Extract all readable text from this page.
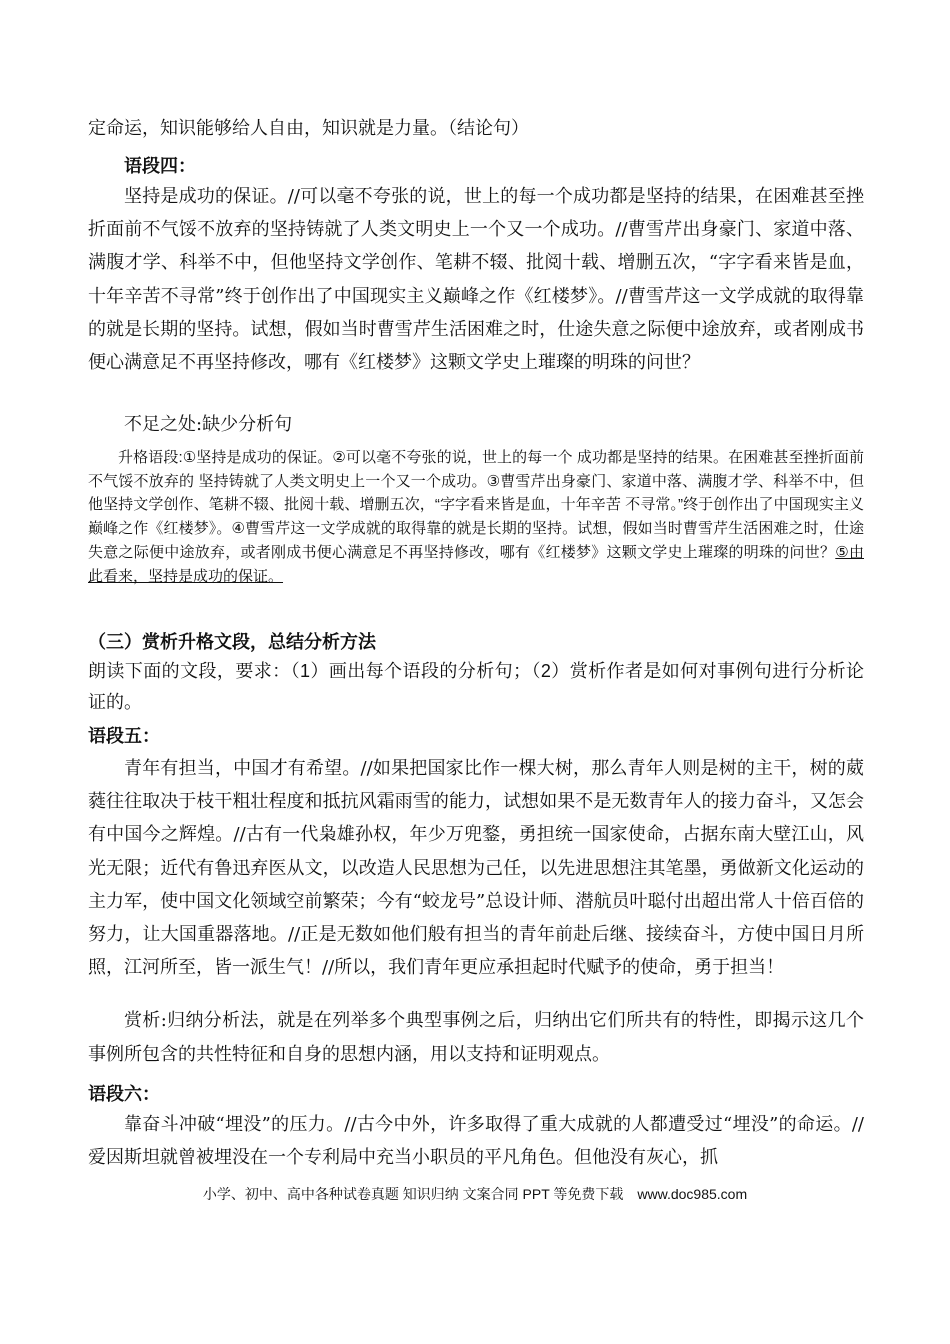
定命运，知识能够给人自由，知识就是力量。（结论句）

语段四：

坚持是成功的保证。//可以毫不夸张的说，世上的每一个成功都是坚持的结果，在困难甚至挫折面前不气馁不放弃的坚持铸就了人类文明史上一个又一个成功。//曹雪芹出身豪门、家道中落、满腹才学、科举不中，但他坚持文学创作、笔耕不辍、批阅十载、增删五次，“字字看来皆是血，十年辛苦不寻常”终于创作出了中国现实主义巅峰之作《红楼梦》。//曹雪芹这一文学成就的取得靠的就是长期的坚持。试想，假如当时曹雪芹生活困难之时，仕途失意之际便中途放弃，或者刚成书便心满意足不再坚持修改，哪有《红楼梦》这颗文学史上璀璨的明珠的问世？

不足之处:缺少分析句

升格语段:①坚持是成功的保证。②可以毫不夸张的说，世上的每一个 成功都是坚持的结果。在困难甚至挫折面前不气馁不放弃的 坚持铸就了人类文明史上一个又一个成功。③曹雪芹出身豪门、家道中落、满腹才学、科举不中，但他坚持文学创作、笔耕不辍、批阅十载、增删五次，“字字看来皆是血，十年辛苦 不寻常。”终于创作出了中国现实主义巅峰之作《红楼梦》。④曹雪芹这一文学成就的取得靠的就是长期的坚持。试想，假如当时曹雪芹生活困难之时，仕途失意之际便中途放弃，或者刚成书便心满意足不再坚持修改，哪有《红楼梦》这颗文学史上璀璨的明珠的问世？⑤由此看来，坚持是成功的保证。

（三）赏析升格文段，总结分析方法

朗读下面的文段，要求：（1）画出每个语段的分析句；（2）赏析作者是如何对事例句进行分析论证的。

语段五：

青年有担当，中国才有希望。//如果把国家比作一棵大树，那么青年人则是树的主干，树的葳蕤往往取决于枝干粗壮程度和抵抗风霜雨雪的能力，试想如果不是无数青年人的接力奋斗，又怎会有中国今之辉煌。//古有一代枭雄孙权，年少万兜鍪，勇担统一国家使命，占据东南大壁江山，风光无限；近代有鲁迅弃医从文，以改造人民思想为己任，以先进思想注其笔墨，勇做新文化运动的主力军，使中国文化领域空前繁荣；今有“蛟龙号”总设计师、潜航员叶聪付出超出常人十倍百倍的努力，让大国重器落地。//正是无数如他们般有担当的青年前赴后继、接续奋斗，方使中国日月所照，江河所至，皆一派生气！//所以，我们青年更应承担起时代赋予的使命，勇于担当！

赏析:归纳分析法，就是在列举多个典型事例之后，归纳出它们所共有的特性，即揭示这几个事例所包含的共性特征和自身的思想内涵，用以支持和证明观点。

语段六：

靠奋斗冲破“埋没”的压力。//古今中外，许多取得了重大成就的人都遭受过“埋没”的命运。//爱因斯坦就曾被埋没在一个专利局中充当小职员的平凡角色。但他没有灰心，抓

小学、初中、高中各种试卷真题 知识归纳 文案合同 PPT 等免费下载 www.doc985.com
